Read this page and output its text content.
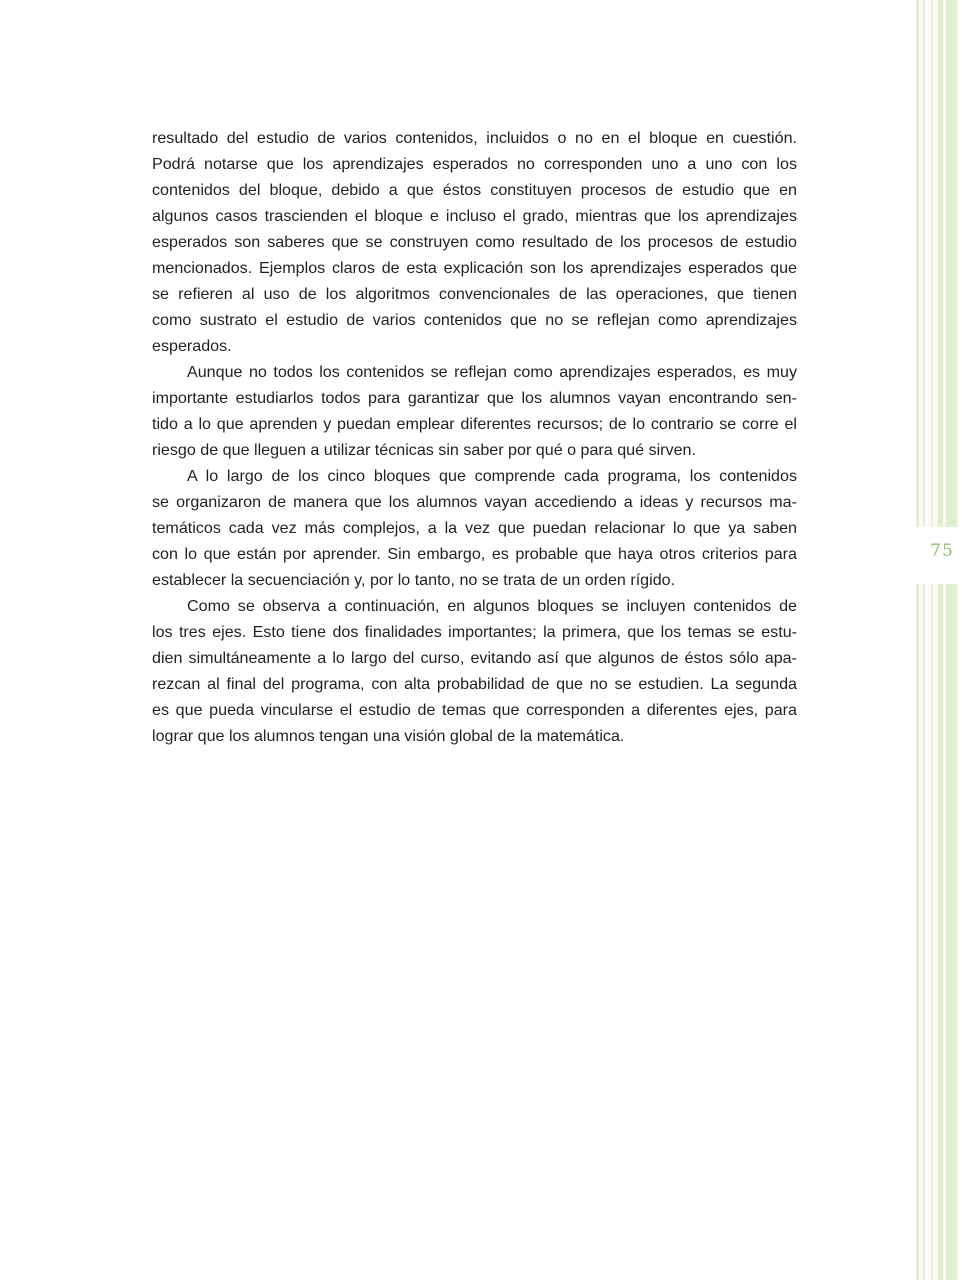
resultado del estudio de varios contenidos, incluidos o no en el bloque en cuestión.
Podrá notarse que los aprendizajes esperados no corresponden uno a uno con los
contenidos del bloque, debido a que éstos constituyen procesos de estudio que en
algunos casos trascienden el bloque e incluso el grado, mientras que los aprendizajes
esperados son saberes que se construyen como resultado de los procesos de estudio
mencionados. Ejemplos claros de esta explicación son los aprendizajes esperados que
se refieren al uso de los algoritmos convencionales de las operaciones, que tienen
como sustrato el estudio de varios contenidos que no se reflejan como aprendizajes
esperados.

Aunque no todos los contenidos se reflejan como aprendizajes esperados, es muy
importante estudiarlos todos para garantizar que los alumnos vayan encontrando sen-
tido a lo que aprenden y puedan emplear diferentes recursos; de lo contrario se corre el
riesgo de que lleguen a utilizar técnicas sin saber por qué o para qué sirven.

A lo largo de los cinco bloques que comprende cada programa, los contenidos
se organizaron de manera que los alumnos vayan accediendo a ideas y recursos ma-
temáticos cada vez más complejos, a la vez que puedan relacionar lo que ya saben
con lo que están por aprender. Sin embargo, es probable que haya otros criterios para
establecer la secuenciación y, por lo tanto, no se trata de un orden rígido.

Como se observa a continuación, en algunos bloques se incluyen contenidos de
los tres ejes. Esto tiene dos finalidades importantes; la primera, que los temas se estu-
dien simultáneamente a lo largo del curso, evitando así que algunos de éstos sólo apa-
rezcan al final del programa, con alta probabilidad de que no se estudien. La segunda
es que pueda vincularse el estudio de temas que corresponden a diferentes ejes, para
lograr que los alumnos tengan una visión global de la matemática.

75
